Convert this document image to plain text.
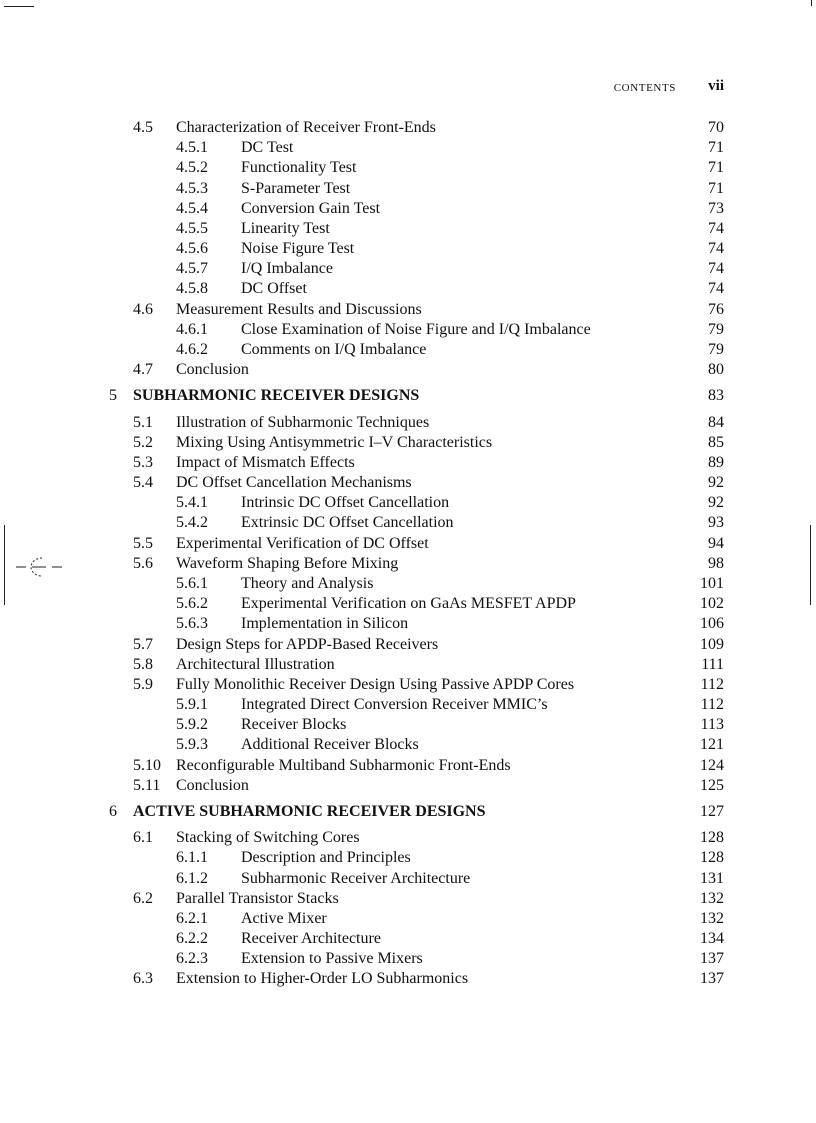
CONTENTS vii
4.5 Characterization of Receiver Front-Ends	70
4.5.1 DC Test	71
4.5.2 Functionality Test	71
4.5.3 S-Parameter Test	71
4.5.4 Conversion Gain Test	73
4.5.5 Linearity Test	74
4.5.6 Noise Figure Test	74
4.5.7 I/Q Imbalance	74
4.5.8 DC Offset	74
4.6 Measurement Results and Discussions	76
4.6.1 Close Examination of Noise Figure and I/Q Imbalance	79
4.6.2 Comments on I/Q Imbalance	79
4.7 Conclusion	80
5 SUBHARMONIC RECEIVER DESIGNS	83
5.1 Illustration of Subharmonic Techniques	84
5.2 Mixing Using Antisymmetric I–V Characteristics	85
5.3 Impact of Mismatch Effects	89
5.4 DC Offset Cancellation Mechanisms	92
5.4.1 Intrinsic DC Offset Cancellation	92
5.4.2 Extrinsic DC Offset Cancellation	93
5.5 Experimental Verification of DC Offset	94
5.6 Waveform Shaping Before Mixing	98
5.6.1 Theory and Analysis	101
5.6.2 Experimental Verification on GaAs MESFET APDP	102
5.6.3 Implementation in Silicon	106
5.7 Design Steps for APDP-Based Receivers	109
5.8 Architectural Illustration	111
5.9 Fully Monolithic Receiver Design Using Passive APDP Cores	112
5.9.1 Integrated Direct Conversion Receiver MMIC’s	112
5.9.2 Receiver Blocks	113
5.9.3 Additional Receiver Blocks	121
5.10 Reconfigurable Multiband Subharmonic Front-Ends	124
5.11 Conclusion	125
6 ACTIVE SUBHARMONIC RECEIVER DESIGNS	127
6.1 Stacking of Switching Cores	128
6.1.1 Description and Principles	128
6.1.2 Subharmonic Receiver Architecture	131
6.2 Parallel Transistor Stacks	132
6.2.1 Active Mixer	132
6.2.2 Receiver Architecture	134
6.2.3 Extension to Passive Mixers	137
6.3 Extension to Higher-Order LO Subharmonics	137
